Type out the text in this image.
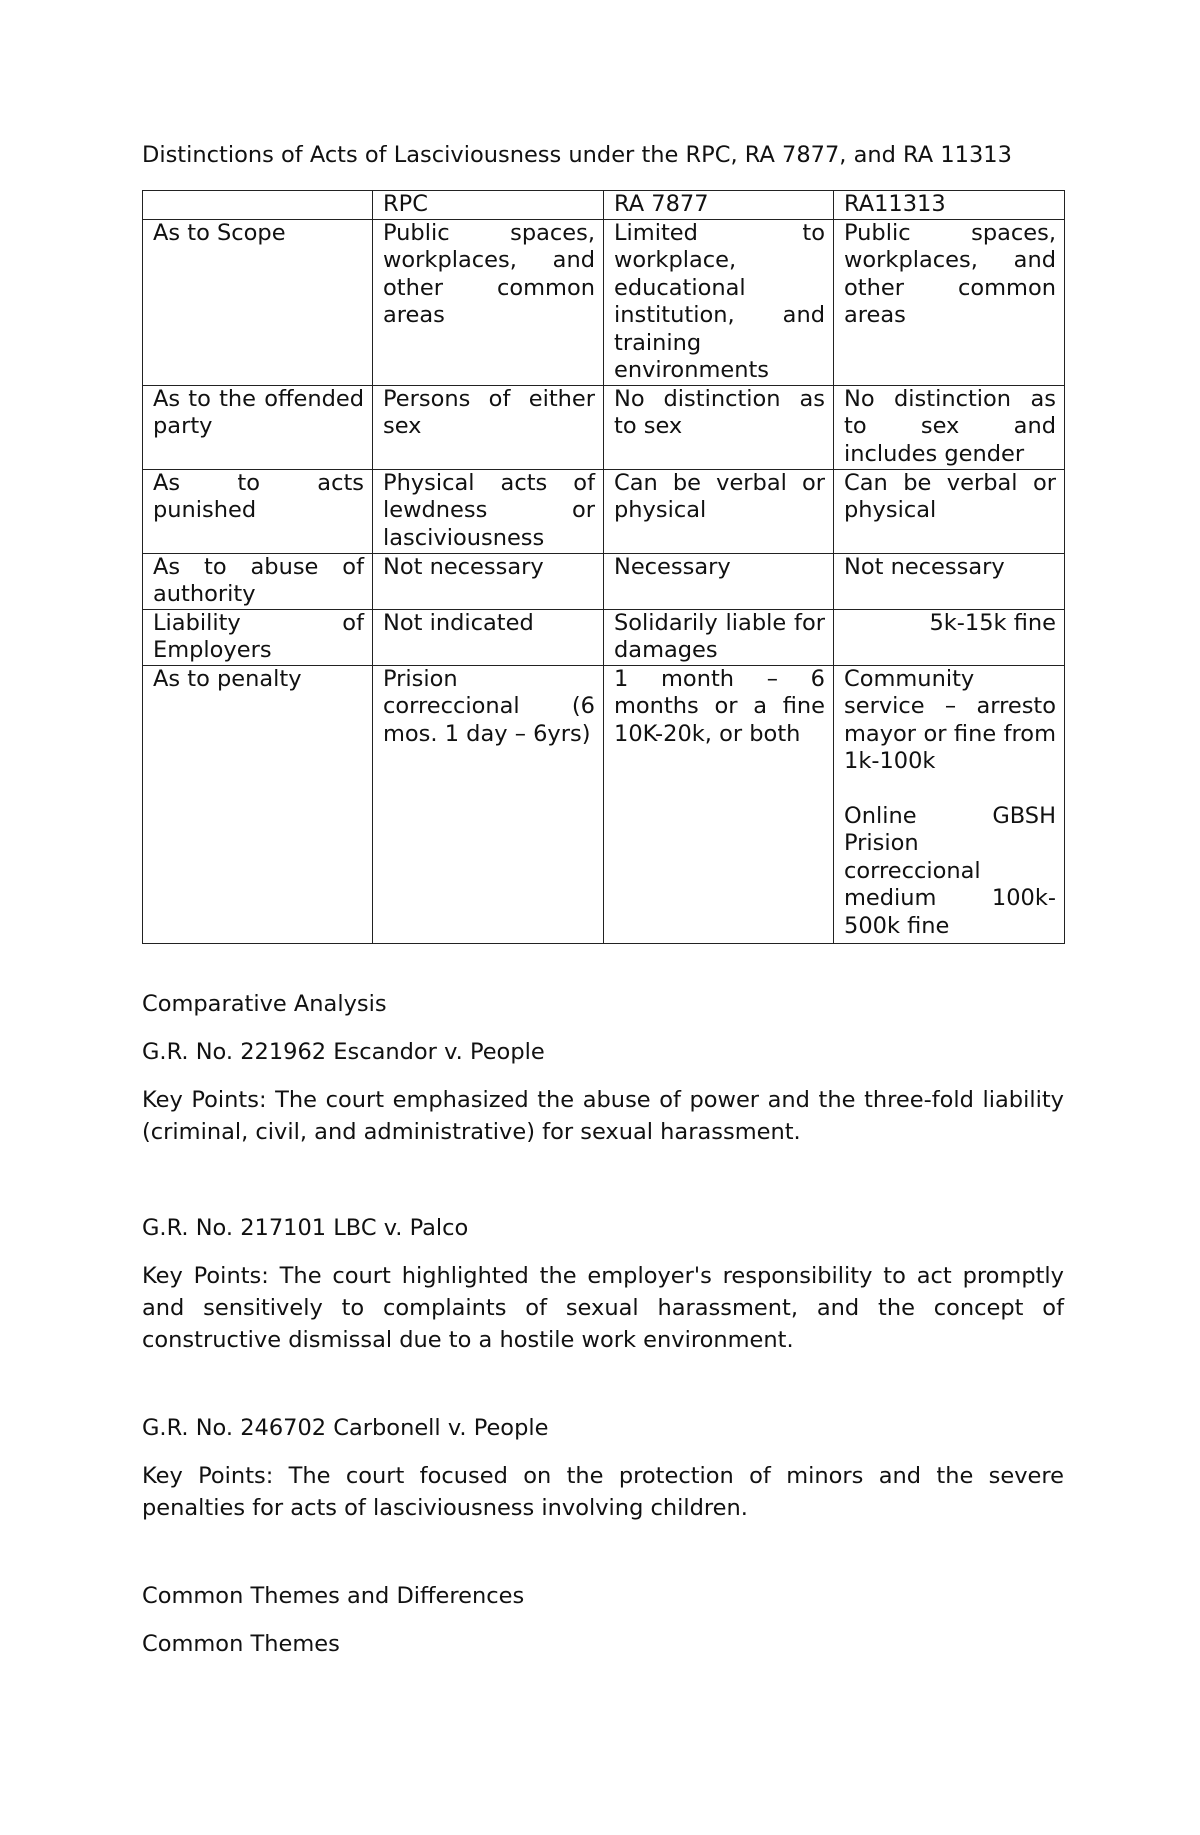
Distinctions of Acts of Lasciviousness under the RPC, RA 7877, and RA 11313
	RPC	RA 7877	RA11313
As to Scope	Public spaces, workplaces, and other common areas	Limited to workplace, educational institution, and training environments	Public spaces, workplaces, and other common areas
As to the offended party	Persons of either sex	No distinction as to sex	No distinction as to sex and includes gender
As to acts punished	Physical acts of lewdness or lasciviousness	Can be verbal or physical	Can be verbal or physical
As to abuse of authority	Not necessary	Necessary	Not necessary
Liability of Employers	Not indicated	Solidarily liable for damages	5k-15k fine
As to penalty	Prision correccional (6 mos. 1 day – 6yrs)	1 month – 6 months or a fine 10K-20k, or both	Community service – arresto mayor or fine from 1k-100k
Online GBSH Prision correccional medium 100k-500k fine

Comparative Analysis

G.R. No. 221962 Escandor v. People

Key Points: The court emphasized the abuse of power and the three-fold liability (criminal, civil, and administrative) for sexual harassment.

G.R. No. 217101 LBC v. Palco

Key Points: The court highlighted the employer's responsibility to act promptly and sensitively to complaints of sexual harassment, and the concept of constructive dismissal due to a hostile work environment.

G.R. No. 246702 Carbonell v. People

Key Points: The court focused on the protection of minors and the severe penalties for acts of lasciviousness involving children.

Common Themes and Differences

Common Themes
